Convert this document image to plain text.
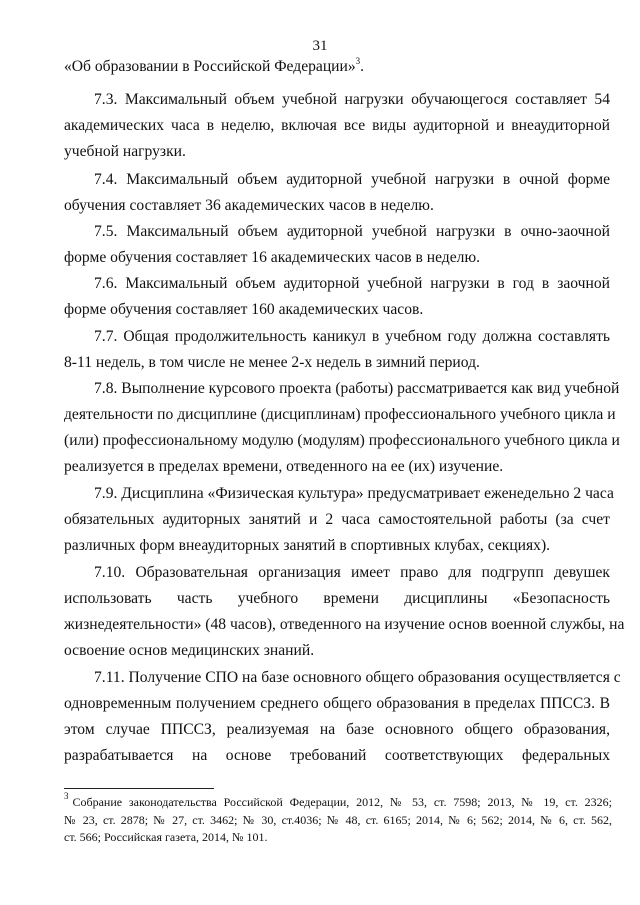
31
«Об образовании в Российской Федерации»$^3$.
7.3. Максимальный объем учебной нагрузки обучающегося составляет 54
академических часа в неделю, включая все виды аудиторной и внеаудиторной
учебной нагрузки.
7.4. Максимальный объем аудиторной учебной нагрузки в очной форме
обучения составляет 36 академических часов в неделю.
7.5. Максимальный объем аудиторной учебной нагрузки в очно-заочной
форме обучения составляет 16 академических часов в неделю.
7.6. Максимальный объем аудиторной учебной нагрузки в год в заочной
форме обучения составляет 160 академических часов.
7.7. Общая продолжительность каникул в учебном году должна составлять
8-11 недель, в том числе не менее 2-х недель в зимний период.
7.8. Выполнение курсового проекта (работы) рассматривается как вид учебной
деятельности по дисциплине (дисциплинам) профессионального учебного цикла и
(или) профессиональному модулю (модулям) профессионального учебного цикла и
реализуется в пределах времени, отведенного на ее (их) изучение.
7.9. Дисциплина «Физическая культура» предусматривает еженедельно 2 часа
обязательных аудиторных занятий и 2 часа самостоятельной работы (за счет
различных форм внеаудиторных занятий в спортивных клубах, секциях).
7.10. Образовательная организация имеет право для подгрупп девушек
использовать часть учебного времени дисциплины «Безопасность
жизнедеятельности» (48 часов), отведенного на изучение основ военной службы, на
освоение основ медицинских знаний.
7.11. Получение СПО на базе основного общего образования осуществляется с
одновременным получением среднего общего образования в пределах ППССЗ. В
этом случае ППССЗ, реализуемая на базе основного общего образования,
разрабатывается на основе требований соответствующих федеральных
$^3$ Собрание законодательства Российской Федерации, 2012, № 53, ст. 7598; 2013, № 19, ст. 2326;
№ 23, ст. 2878; № 27, ст. 3462; № 30, ст.4036; № 48, ст. 6165; 2014, № 6; 562; 2014, № 6, ст. 562,
ст. 566; Российская газета, 2014, № 101.
